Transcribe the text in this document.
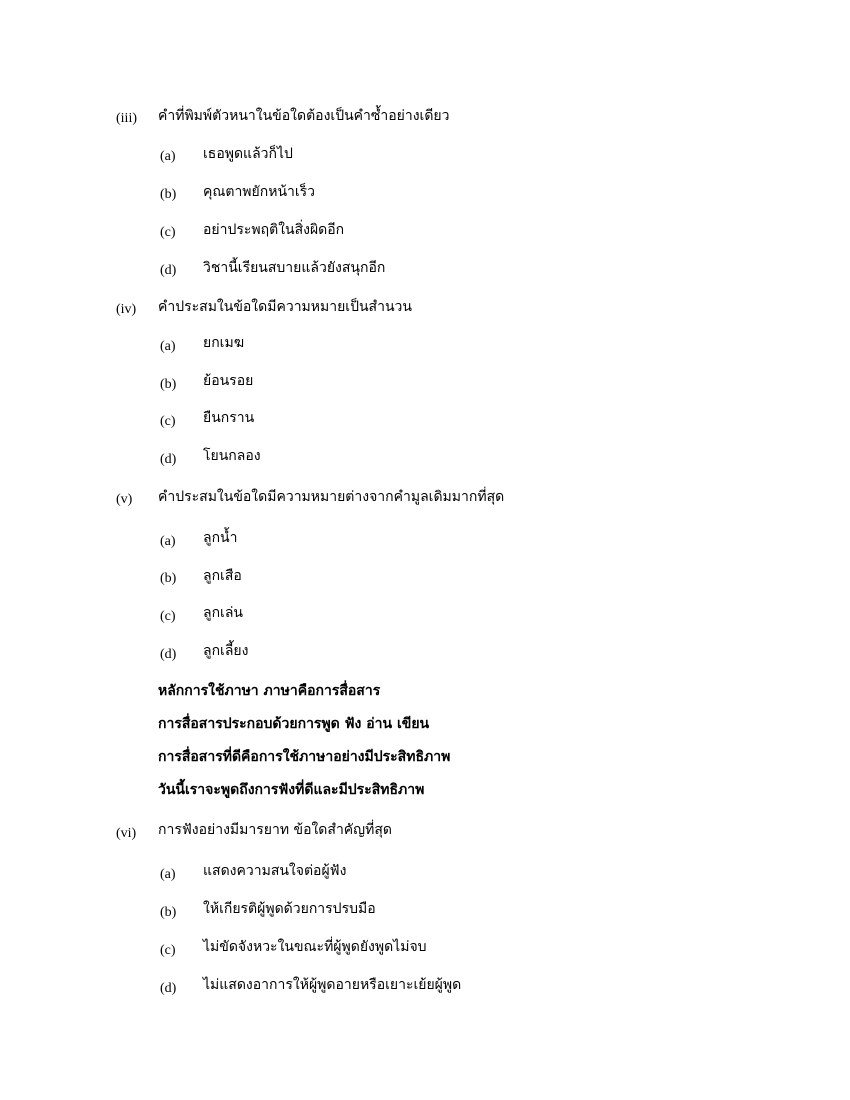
(iii) คำที่พิมพ์ตัวหนาในข้อใดต้องเป็นคำซ้ำอย่างเดียว
(a) เธอพูดแล้วก็ไป
(b) คุณตาพยักหน้าเร็ว
(c) อย่าประพฤติในสิ่งผิดอีก
(d) วิชานี้เรียนสบายแล้วยังสนุกอีก
(iv) คำประสมในข้อใดมีความหมายเป็นสำนวน
(a) ยกเมฆ
(b) ย้อนรอย
(c) ยืนกราน
(d) โยนกลอง
(v) คำประสมในข้อใดมีความหมายต่างจากคำมูลเดิมมากที่สุด
(a) ลูกน้ำ
(b) ลูกเสือ
(c) ลูกเล่น
(d) ลูกเลี้ยง
หลักการใช้ภาษา ภาษาคือการสื่อสาร
การสื่อสารประกอบด้วยการพูด ฟัง อ่าน เขียน
การสื่อสารที่ดีคือการใช้ภาษาอย่างมีประสิทธิภาพ
วันนี้เราจะพูดถึงการฟังที่ดีและมีประสิทธิภาพ
(vi) การฟังอย่างมีมารยาท ข้อใดสำคัญที่สุด
(a) แสดงความสนใจต่อผู้ฟัง
(b) ให้เกียรติผู้พูดด้วยการปรบมือ
(c) ไม่ขัดจังหวะในขณะที่ผู้พูดยังพูดไม่จบ
(d) ไม่แสดงอาการให้ผู้พูดอายหรือเยาะเย้ยผู้พูด
